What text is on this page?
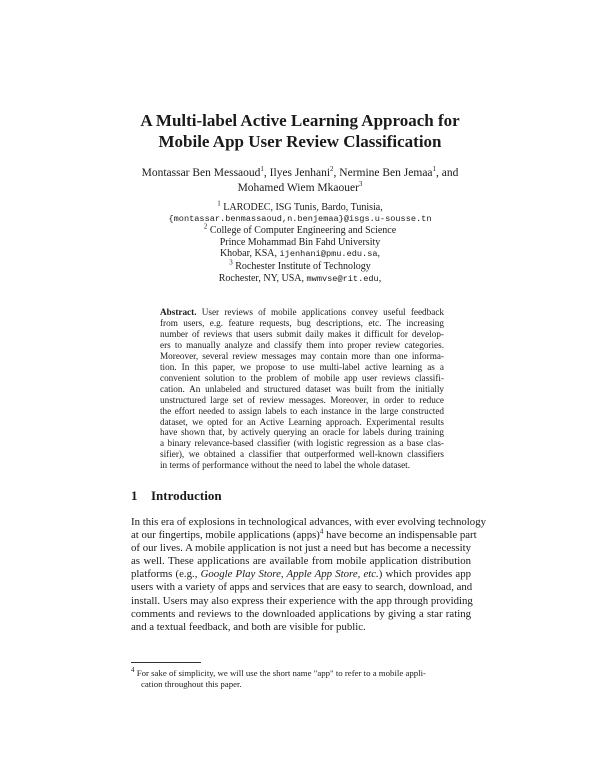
A Multi-label Active Learning Approach for
Mobile App User Review Classification
Montassar Ben Messaoud$^1$, Ilyes Jenhani$^2$, Nermine Ben Jemaa$^1$, and
Mohamed Wiem Mkaouer$^3$
$^1$ LARODEC, ISG Tunis, Bardo, Tunisia,
{montassar.benmassaoud,n.benjemaa}@isgs.u-sousse.tn
$^2$ College of Computer Engineering and Science
Prince Mohammad Bin Fahd University
Khobar, KSA, ijenhani@pmu.edu.sa,
$^3$ Rochester Institute of Technology
Rochester, NY, USA, mwmvse@rit.edu,
Abstract. User reviews of mobile applications convey useful feedback
from users, e.g. feature requests, bug descriptions, etc. The increasing
number of reviews that users submit daily makes it difficult for develop-
ers to manually analyze and classify them into proper review categories.
Moreover, several review messages may contain more than one informa-
tion. In this paper, we propose to use multi-label active learning as a
convenient solution to the problem of mobile app user reviews classifi-
cation. An unlabeled and structured dataset was built from the initially
unstructured large set of review messages. Moreover, in order to reduce
the effort needed to assign labels to each instance in the large constructed
dataset, we opted for an Active Learning approach. Experimental results
have shown that, by actively querying an oracle for labels during training
a binary relevance-based classifier (with logistic regression as a base clas-
sifier), we obtained a classifier that outperformed well-known classifiers
in terms of performance without the need to label the whole dataset.
1 Introduction
In this era of explosions in technological advances, with ever evolving technology
at our fingertips, mobile applications (apps)$^4$ have become an indispensable part
of our lives. A mobile application is not just a need but has become a necessity
as well. These applications are available from mobile application distribution
platforms (e.g., Google Play Store, Apple App Store, etc.) which provides app
users with a variety of apps and services that are easy to search, download, and
install. Users may also express their experience with the app through providing
comments and reviews to the downloaded applications by giving a star rating
and a textual feedback, and both are visible for public.
$^4$ For sake of simplicity, we will use the short name "app" to refer to a mobile appli-
cation throughout this paper.
